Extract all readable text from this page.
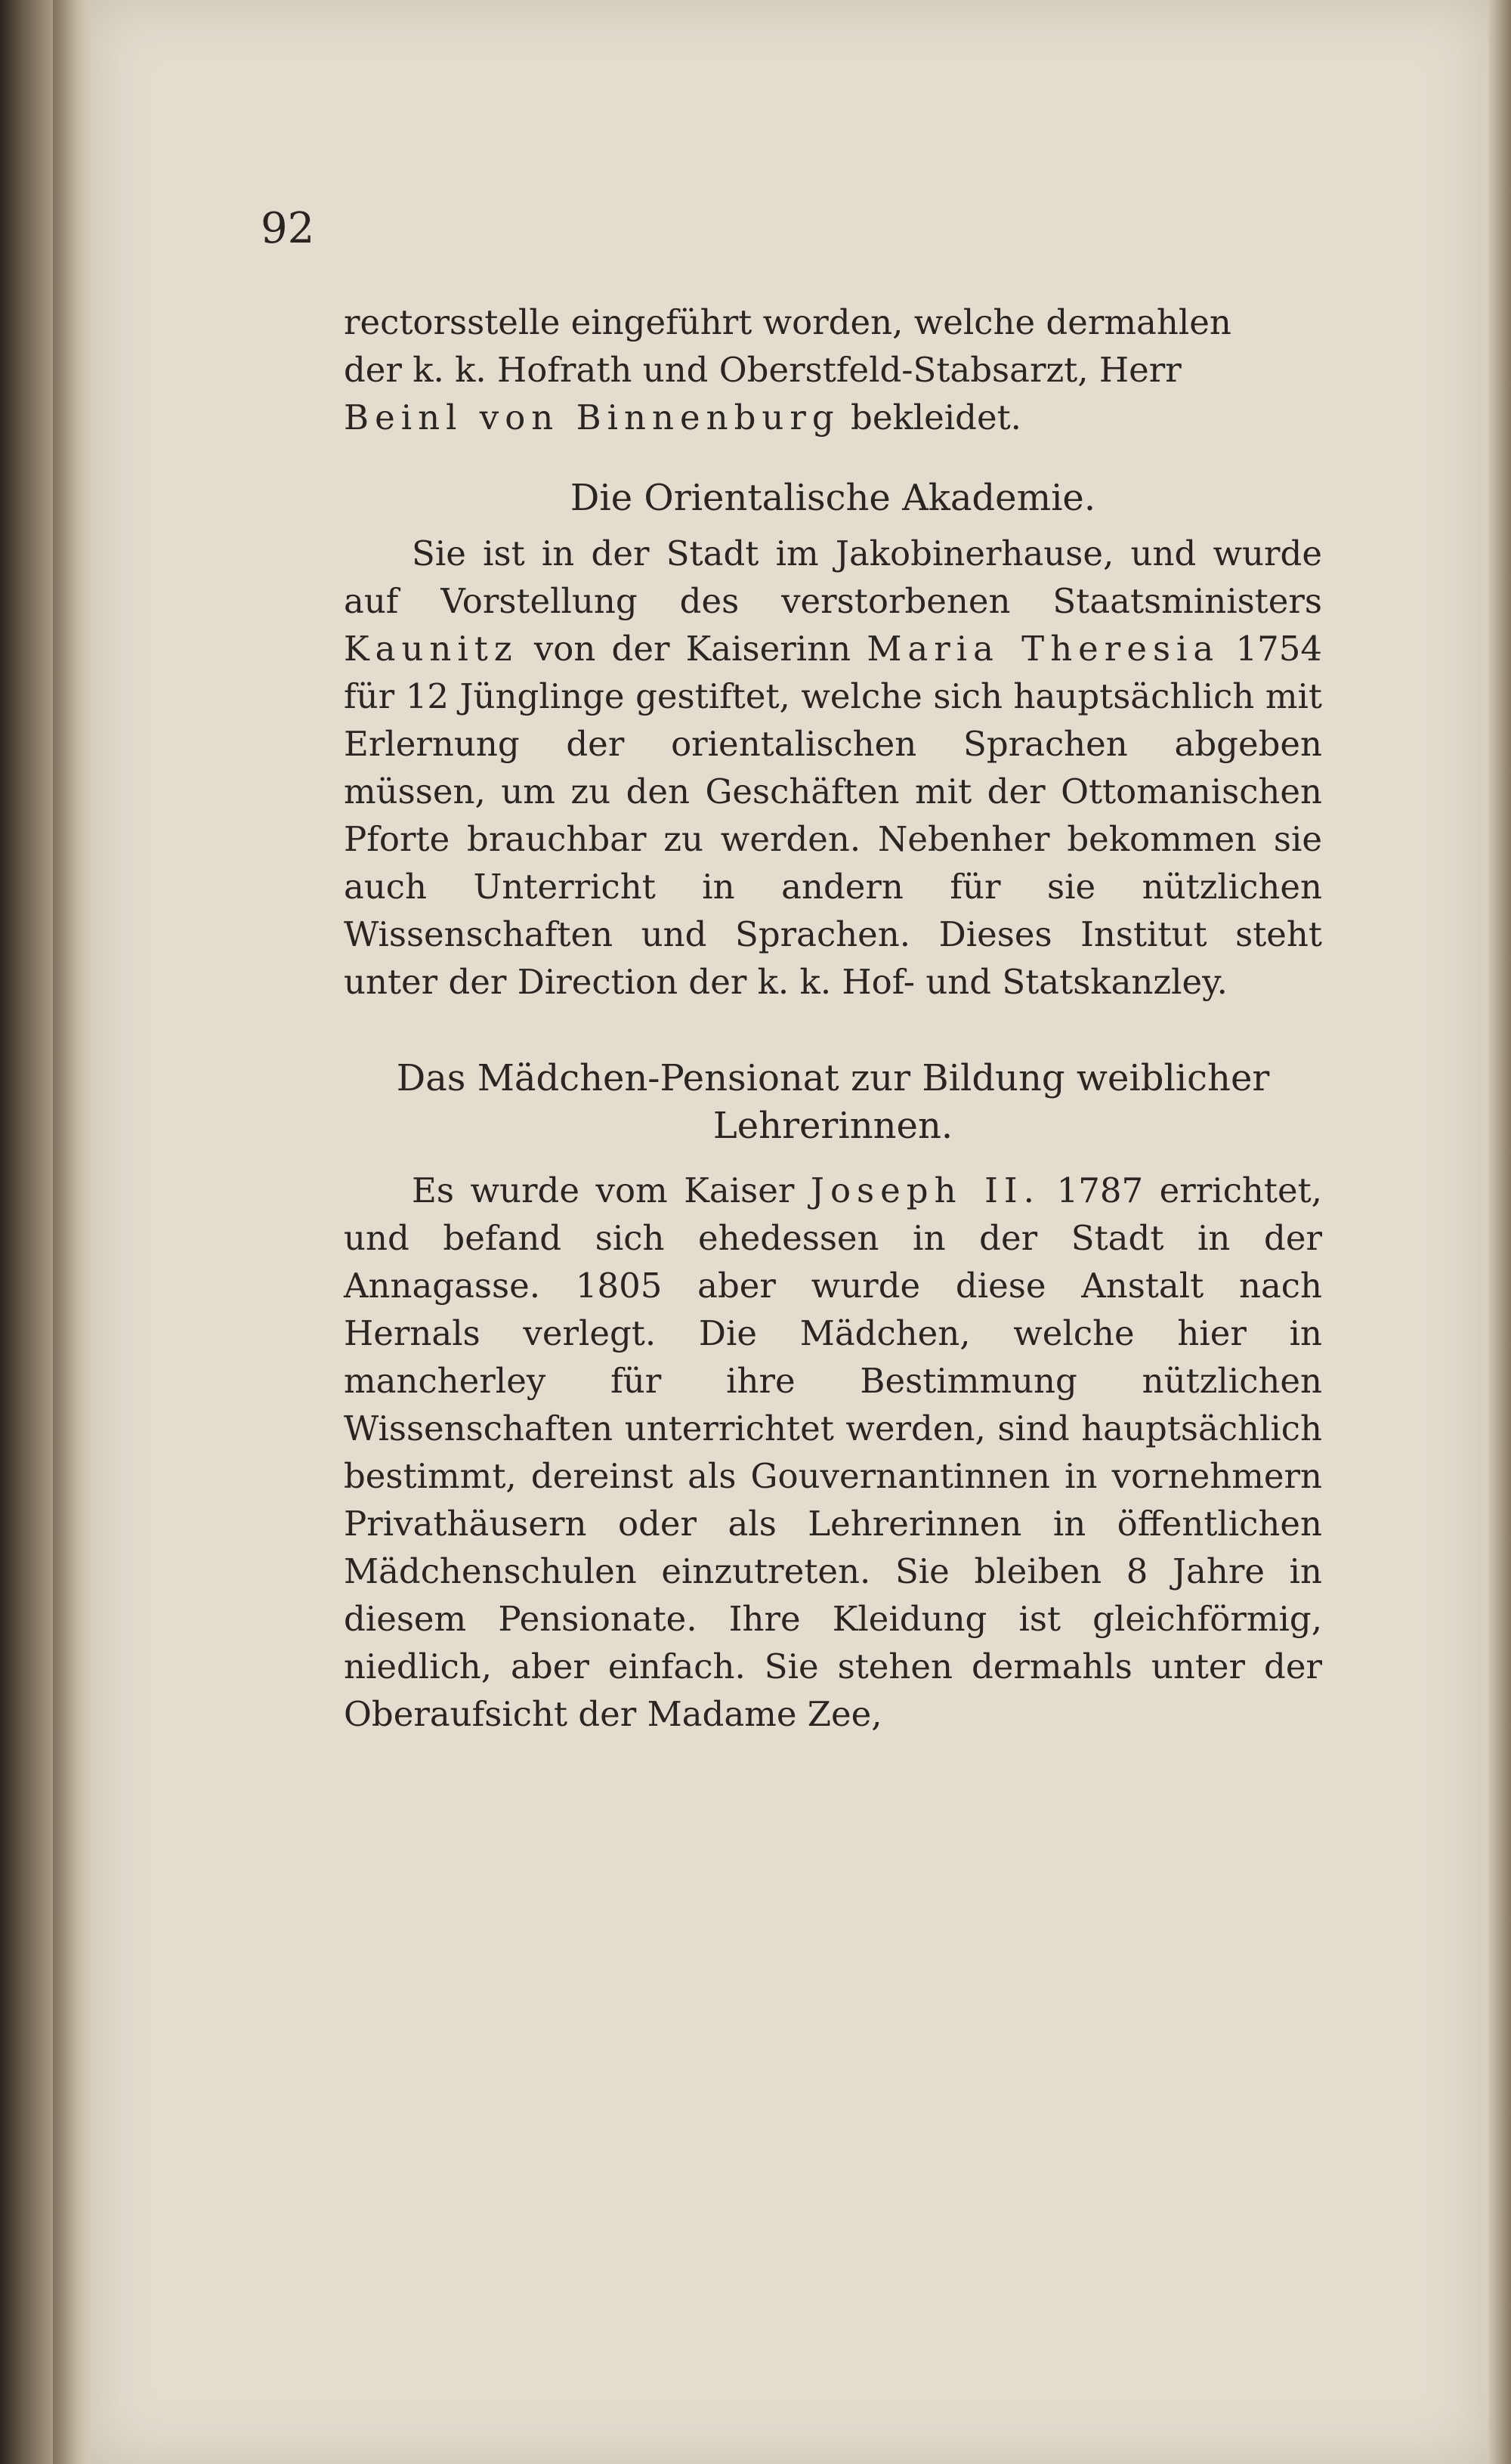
92

rectorsstelle eingeführt worden, welche dermahlen
der k. k. Hofrath und Oberstfeld-Stabsarzt, Herr
Beinl von Binnenburg bekleidet.

Die Orientalische Akademie.

Sie ist in der Stadt im Jakobinerhause, und wurde auf Vorstellung des verstorbenen Staatsministers Kaunitz von der Kaiserinn Maria Theresia 1754 für 12 Jünglinge gestiftet, welche sich hauptsächlich mit Erlernung der orientalischen Sprachen abgeben müssen, um zu den Geschäften mit der Ottomanischen Pforte brauchbar zu werden. Nebenher bekommen sie auch Unterricht in andern für sie nützlichen Wissenschaften und Sprachen. Dieses Institut steht unter der Direction der k. k. Hof- und Statskanzley.

Das Mädchen-Pensionat zur Bildung weiblicher
Lehrerinnen.

Es wurde vom Kaiser Joseph II. 1787 errichtet, und befand sich ehedessen in der Stadt in der Annagasse. 1805 aber wurde diese Anstalt nach Hernals verlegt. Die Mädchen, welche hier in mancherley für ihre Bestimmung nützlichen Wissenschaften unterrichtet werden, sind hauptsächlich bestimmt, dereinst als Gouvernantinnen in vornehmern Privathäusern oder als Lehrerinnen in öffentlichen Mädchenschulen einzutreten. Sie bleiben 8 Jahre in diesem Pensionate. Ihre Kleidung ist gleichförmig, niedlich, aber einfach. Sie stehen dermahls unter der Oberaufsicht der Madame Zee,
